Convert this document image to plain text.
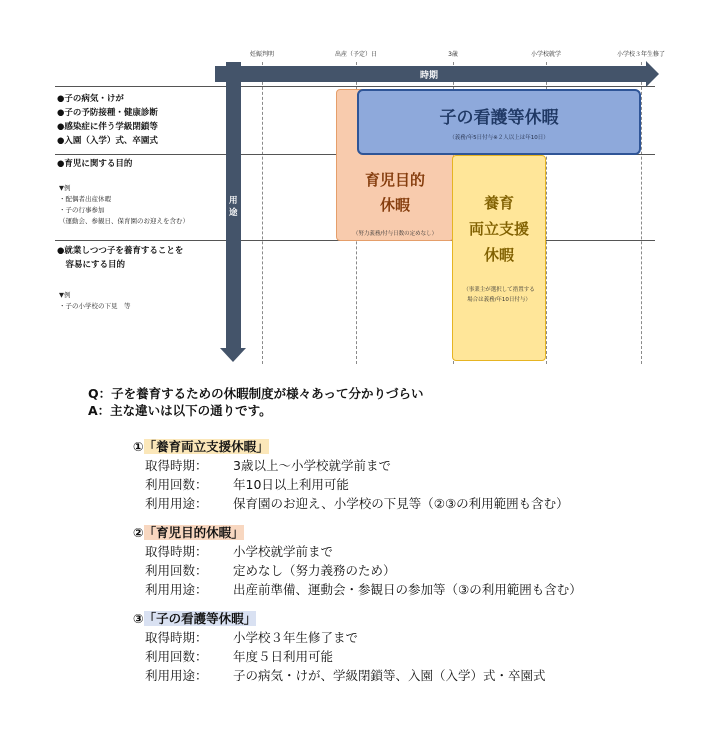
妊娠判明	出産（予定）日	3歳	小学校就学	小学校３年生修了
時期
用途
●子の病気・けが
●子の予防接種・健康診断
●感染症に伴う学級閉鎖等
●入園（入学）式、卒園式
●育児に関する目的
▼例
・配偶者出産休暇
・子の行事参加
（運動会、参観日、保育園のお迎えを含む）
●就業しつつ子を養育することを
　容易にする目的
▼例
・子の小学校の下見　等
育児目的
休暇
（努力義務/付与日数の定めなし）
養育
両立支援
休暇
（事業主が選択して措置する
場合は義務/年10日付与）
子の看護等休暇
（義務/年5日付与※２人以上は年10日）
Q：子を養育するための休暇制度が様々あって分かりづらい
A：主な違いは以下の通りです。
①「養育両立支援休暇」
取得時期：	3歳以上～小学校就学前まで
利用回数：	年10日以上利用可能
利用用途：	保育園のお迎え、小学校の下見等（②③の利用範囲も含む）
②「育児目的休暇」
取得時期：	小学校就学前まで
利用回数：	定めなし（努力義務のため）
利用用途：	出産前準備、運動会・参観日の参加等（③の利用範囲も含む）
③「子の看護等休暇」
取得時期：	小学校３年生修了まで
利用回数：	年度５日利用可能
利用用途：	子の病気・けが、学級閉鎖等、入園（入学）式・卒園式
